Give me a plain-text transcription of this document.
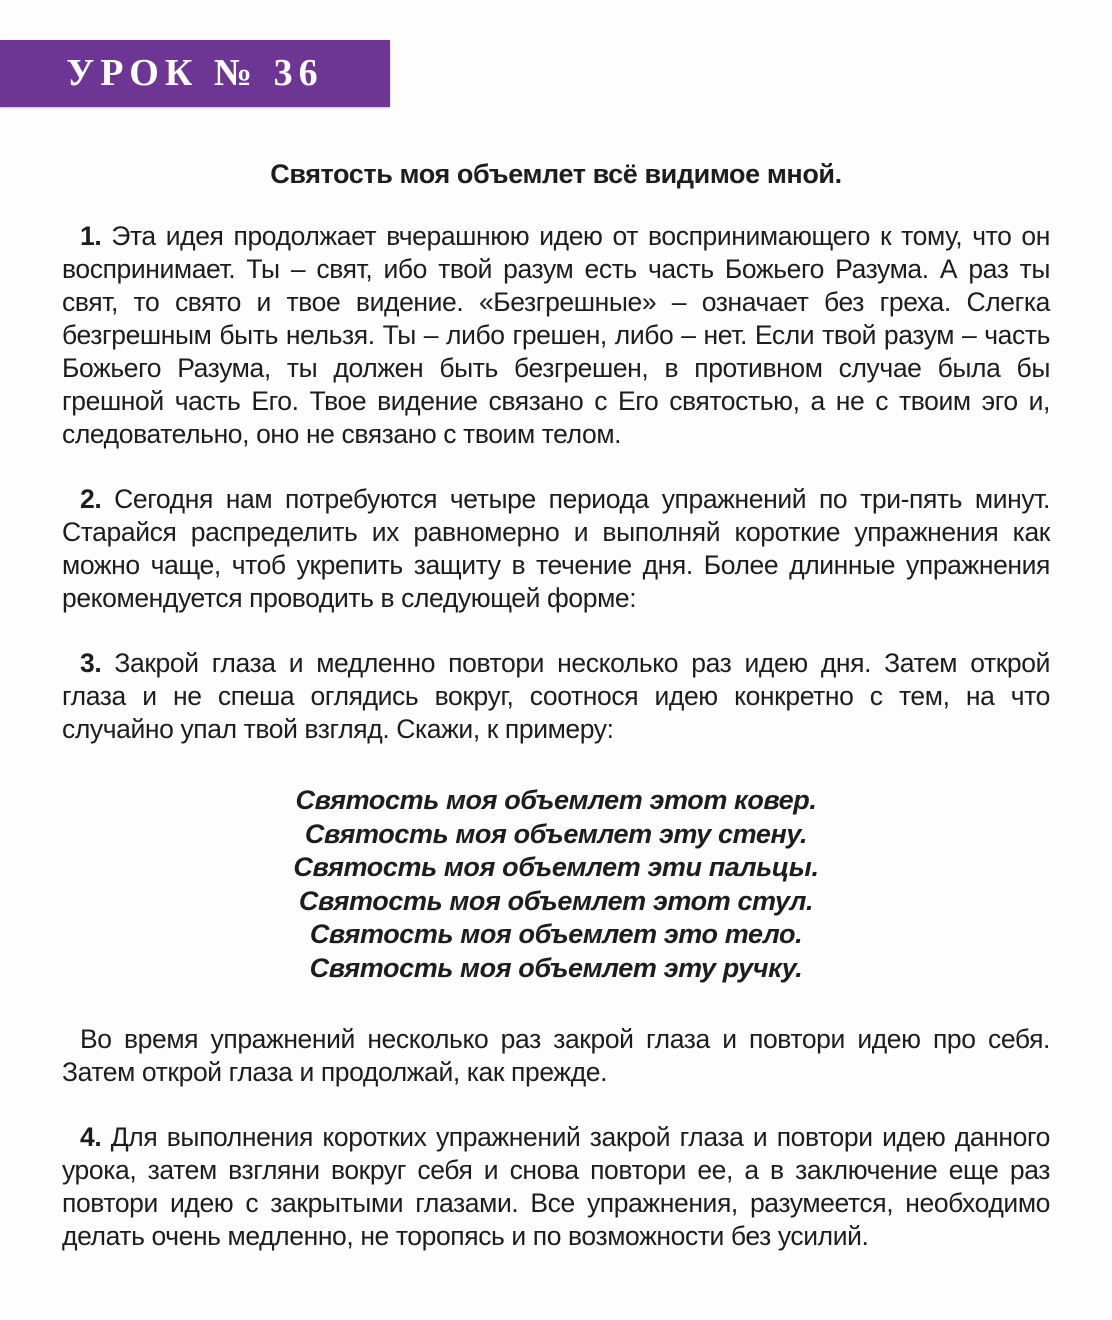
УРОК № 36
Святость моя объемлет всё видимое мной.

1. Эта идея продолжает вчерашнюю идею от воспринимающего к тому, что он воспринимает. Ты – свят, ибо твой разум есть часть Божьего Разума. А раз ты свят, то свято и твое видение. «Безгрешные» – означает без греха. Слегка безгрешным быть нельзя. Ты – либо грешен, либо – нет. Если твой разум – часть Божьего Разума, ты должен быть безгрешен, в противном случае была бы грешной часть Его. Твое видение связано с Его святостью, а не с твоим эго и, следовательно, оно не связано с твоим телом.

2. Сегодня нам потребуются четыре периода упражнений по три-пять минут. Старайся распределить их равномерно и выполняй короткие упражнения как можно чаще, чтоб укрепить защиту в течение дня. Более длинные упражнения рекомендуется проводить в следующей форме:

3. Закрой глаза и медленно повтори несколько раз идею дня. Затем открой глаза и не спеша оглядись вокруг, соотнося идею конкретно с тем, на что случайно упал твой взгляд. Скажи, к примеру:

Святость моя объемлет этот ковер.
Святость моя объемлет эту стену.
Святость моя объемлет эти пальцы.
Святость моя объемлет этот стул.
Святость моя объемлет это тело.
Святость моя объемлет эту ручку.

Во время упражнений несколько раз закрой глаза и повтори идею про себя. Затем открой глаза и продолжай, как прежде.

4. Для выполнения коротких упражнений закрой глаза и повтори идею данного урока, затем взгляни вокруг себя и снова повтори ее, а в заключение еще раз повтори идею с закрытыми глазами. Все упражнения, разумеется, необходимо делать очень медленно, не торопясь и по возможности без усилий.
